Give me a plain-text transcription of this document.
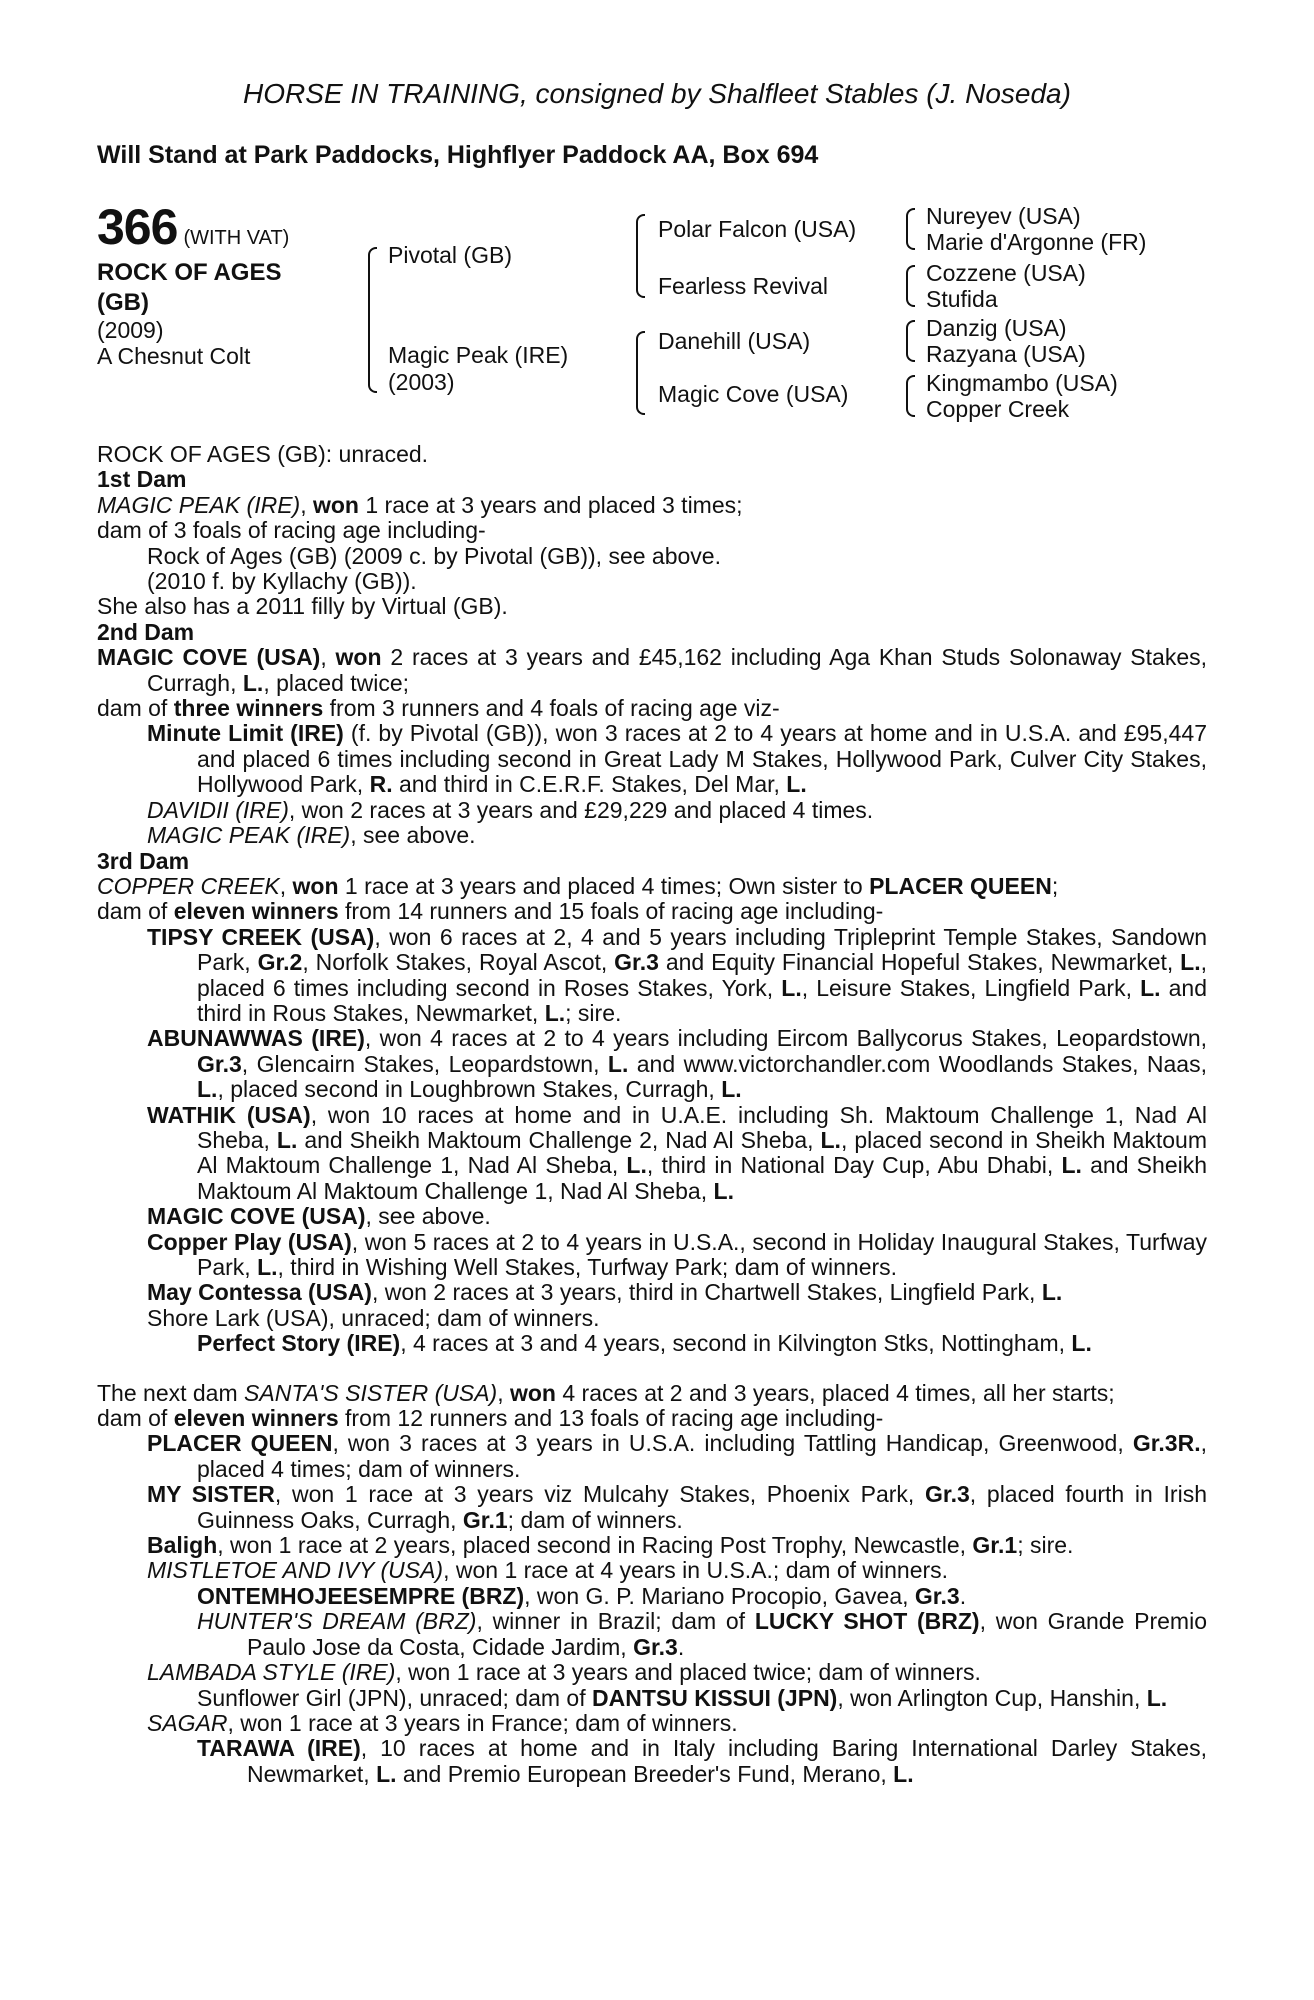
HORSE IN TRAINING, consigned by Shalfleet Stables (J. Noseda)
Will Stand at Park Paddocks, Highflyer Paddock AA, Box 694
366 (WITH VAT)
ROCK OF AGES (GB)
(2009)
A Chesnut Colt
Pivotal (GB)
Magic Peak (IRE)
(2003)
Polar Falcon (USA)
Fearless Revival
Danehill (USA)
Magic Cove (USA)
Nureyev (USA)
Marie d'Argonne (FR)
Cozzene (USA)
Stufida
Danzig (USA)
Razyana (USA)
Kingmambo (USA)
Copper Creek

ROCK OF AGES (GB): unraced.

1st Dam

MAGIC PEAK (IRE), won 1 race at 3 years and placed 3 times;

dam of 3 foals of racing age including-

Rock of Ages (GB) (2009 c. by Pivotal (GB)), see above.

(2010 f. by Kyllachy (GB)).

She also has a 2011 filly by Virtual (GB).

2nd Dam

MAGIC COVE (USA), won 2 races at 3 years and £45,162 including Aga Khan Studs Solonaway Stakes, Curragh, L., placed twice;

dam of three winners from 3 runners and 4 foals of racing age viz-

Minute Limit (IRE) (f. by Pivotal (GB)), won 3 races at 2 to 4 years at home and in U.S.A. and £95,447 and placed 6 times including second in Great Lady M Stakes, Hollywood Park, Culver City Stakes, Hollywood Park, R. and third in C.E.R.F. Stakes, Del Mar, L.

DAVIDII (IRE), won 2 races at 3 years and £29,229 and placed 4 times.

MAGIC PEAK (IRE), see above.

3rd Dam

COPPER CREEK, won 1 race at 3 years and placed 4 times; Own sister to PLACER QUEEN;

dam of eleven winners from 14 runners and 15 foals of racing age including-

TIPSY CREEK (USA), won 6 races at 2, 4 and 5 years including Tripleprint Temple Stakes, Sandown Park, Gr.2, Norfolk Stakes, Royal Ascot, Gr.3 and Equity Financial Hopeful Stakes, Newmarket, L., placed 6 times including second in Roses Stakes, York, L., Leisure Stakes, Lingfield Park, L. and third in Rous Stakes, Newmarket, L.; sire.

ABUNAWWAS (IRE), won 4 races at 2 to 4 years including Eircom Ballycorus Stakes, Leopardstown, Gr.3, Glencairn Stakes, Leopardstown, L. and www.victorchandler.com Woodlands Stakes, Naas, L., placed second in Loughbrown Stakes, Curragh, L.

WATHIK (USA), won 10 races at home and in U.A.E. including Sh. Maktoum Challenge 1, Nad Al Sheba, L. and Sheikh Maktoum Challenge 2, Nad Al Sheba, L., placed second in Sheikh Maktoum Al Maktoum Challenge 1, Nad Al Sheba, L., third in National Day Cup, Abu Dhabi, L. and Sheikh Maktoum Al Maktoum Challenge 1, Nad Al Sheba, L.

MAGIC COVE (USA), see above.

Copper Play (USA), won 5 races at 2 to 4 years in U.S.A., second in Holiday Inaugural Stakes, Turfway Park, L., third in Wishing Well Stakes, Turfway Park; dam of winners.

May Contessa (USA), won 2 races at 3 years, third in Chartwell Stakes, Lingfield Park, L.

Shore Lark (USA), unraced; dam of winners.

Perfect Story (IRE), 4 races at 3 and 4 years, second in Kilvington Stks, Nottingham, L.

The next dam SANTA'S SISTER (USA), won 4 races at 2 and 3 years, placed 4 times, all her starts;

dam of eleven winners from 12 runners and 13 foals of racing age including-

PLACER QUEEN, won 3 races at 3 years in U.S.A. including Tattling Handicap, Greenwood, Gr.3R., placed 4 times; dam of winners.

MY SISTER, won 1 race at 3 years viz Mulcahy Stakes, Phoenix Park, Gr.3, placed fourth in Irish Guinness Oaks, Curragh, Gr.1; dam of winners.

Baligh, won 1 race at 2 years, placed second in Racing Post Trophy, Newcastle, Gr.1; sire.

MISTLETOE AND IVY (USA), won 1 race at 4 years in U.S.A.; dam of winners.

ONTEMHOJEESEMPRE (BRZ), won G. P. Mariano Procopio, Gavea, Gr.3.

HUNTER'S DREAM (BRZ), winner in Brazil; dam of LUCKY SHOT (BRZ), won Grande Premio Paulo Jose da Costa, Cidade Jardim, Gr.3.

LAMBADA STYLE (IRE), won 1 race at 3 years and placed twice; dam of winners.

Sunflower Girl (JPN), unraced; dam of DANTSU KISSUI (JPN), won Arlington Cup, Hanshin, L.

SAGAR, won 1 race at 3 years in France; dam of winners.

TARAWA (IRE), 10 races at home and in Italy including Baring International Darley Stakes, Newmarket, L. and Premio European Breeder's Fund, Merano, L.
